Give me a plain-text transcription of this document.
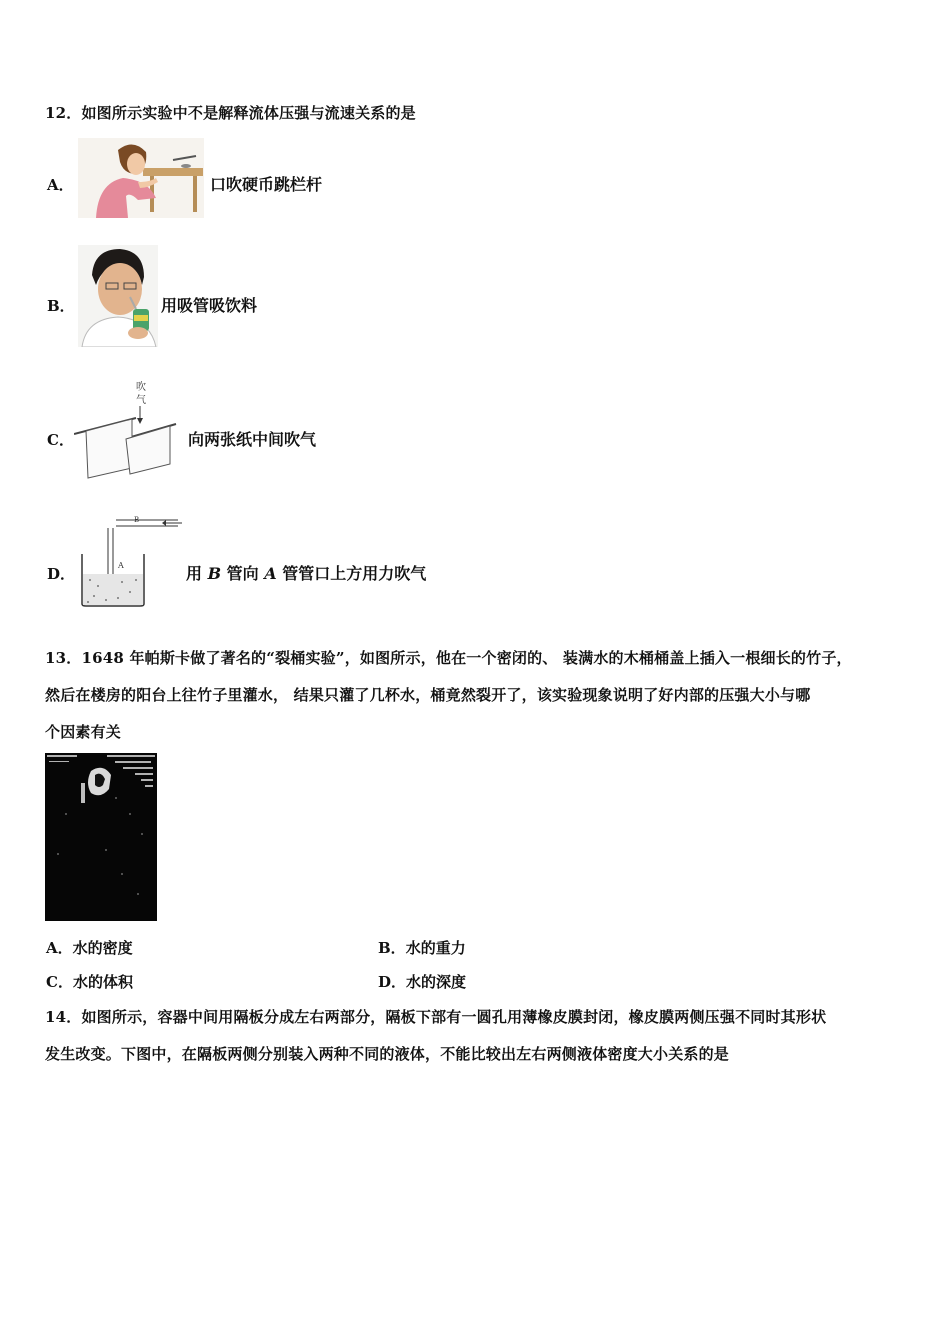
12．如图所示实验中不是解释流体压强与流速关系的是
A．	口吹硬币跳栏杆
B．	用吸管吸饮料
C．
吹
气
向两张纸中间吹气
D．
B
A	用 B 管向 A 管管口上方用力吹气
13．1648 年帕斯卡做了著名的“裂桶实验”，如图所示，他在一个密闭的、 装满水的木桶桶盖上插入一根细长的竹子，
然后在楼房的阳台上往竹子里灌水， 结果只灌了几杯水，桶竟然裂开了，该实验现象说明了好内部的压强大小与哪
个因素有关
A．水的密度	B．水的重力
C．水的体积	D．水的深度
14．如图所示，容器中间用隔板分成左右两部分，隔板下部有一圆孔用薄橡皮膜封闭，橡皮膜两侧压强不同时其形状
发生改变。下图中，在隔板两侧分别装入两种不同的液体，不能比较出左右两侧液体密度大小关系的是
